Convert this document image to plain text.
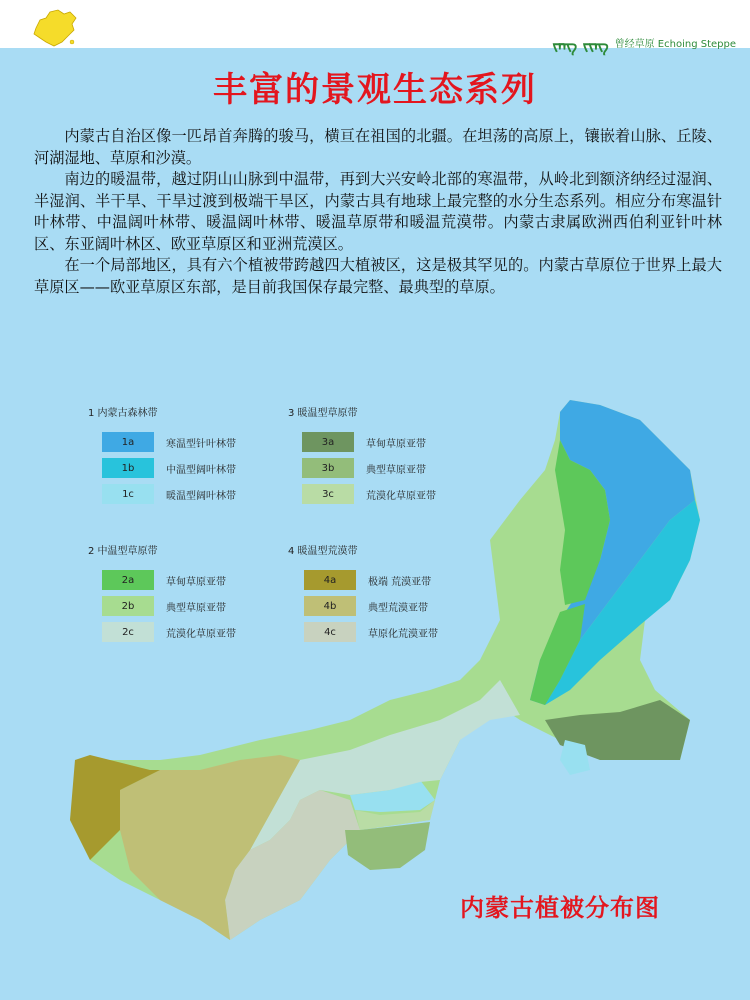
ᠵᠡᠩ ᠵᠢᠩ 曾经草原 Echoing Steppe
丰富的景观生态系列

内蒙古自治区像一匹昂首奔腾的骏马，横亘在祖国的北疆。在坦荡的高原上，镶嵌着山脉、丘陵、河湖湿地、草原和沙漠。

南边的暖温带，越过阴山山脉到中温带，再到大兴安岭北部的寒温带，从岭北到额济纳经过湿润、半湿润、半干旱、干旱过渡到极端干旱区，内蒙古具有地球上最完整的水分生态系列。相应分布寒温针叶林带、中温阔叶林带、暖温阔叶林带、暖温草原带和暖温荒漠带。内蒙古隶属欧洲西伯利亚针叶林区、东亚阔叶林区、欧亚草原区和亚洲荒漠区。

在一个局部地区，具有六个植被带跨越四大植被区，这是极其罕见的。内蒙古草原位于世界上最大草原区——欧亚草原区东部，是目前我国保存最完整、最典型的草原。

1 内蒙古森林带
1a	寒温型针叶林带
1b	中温型阔叶林带
1c	暖温型阔叶林带
3 暖温型草原带
3a	草甸草原亚带
3b	典型草原亚带
3c	荒漠化草原亚带
2 中温型草原带
2a	草甸草原亚带
2b	典型草原亚带
2c	荒漠化草原亚带
4 暖温型荒漠带
4a	极端 荒漠亚带
4b	典型荒漠亚带
4c	草原化荒漠亚带
内蒙古植被分布图
